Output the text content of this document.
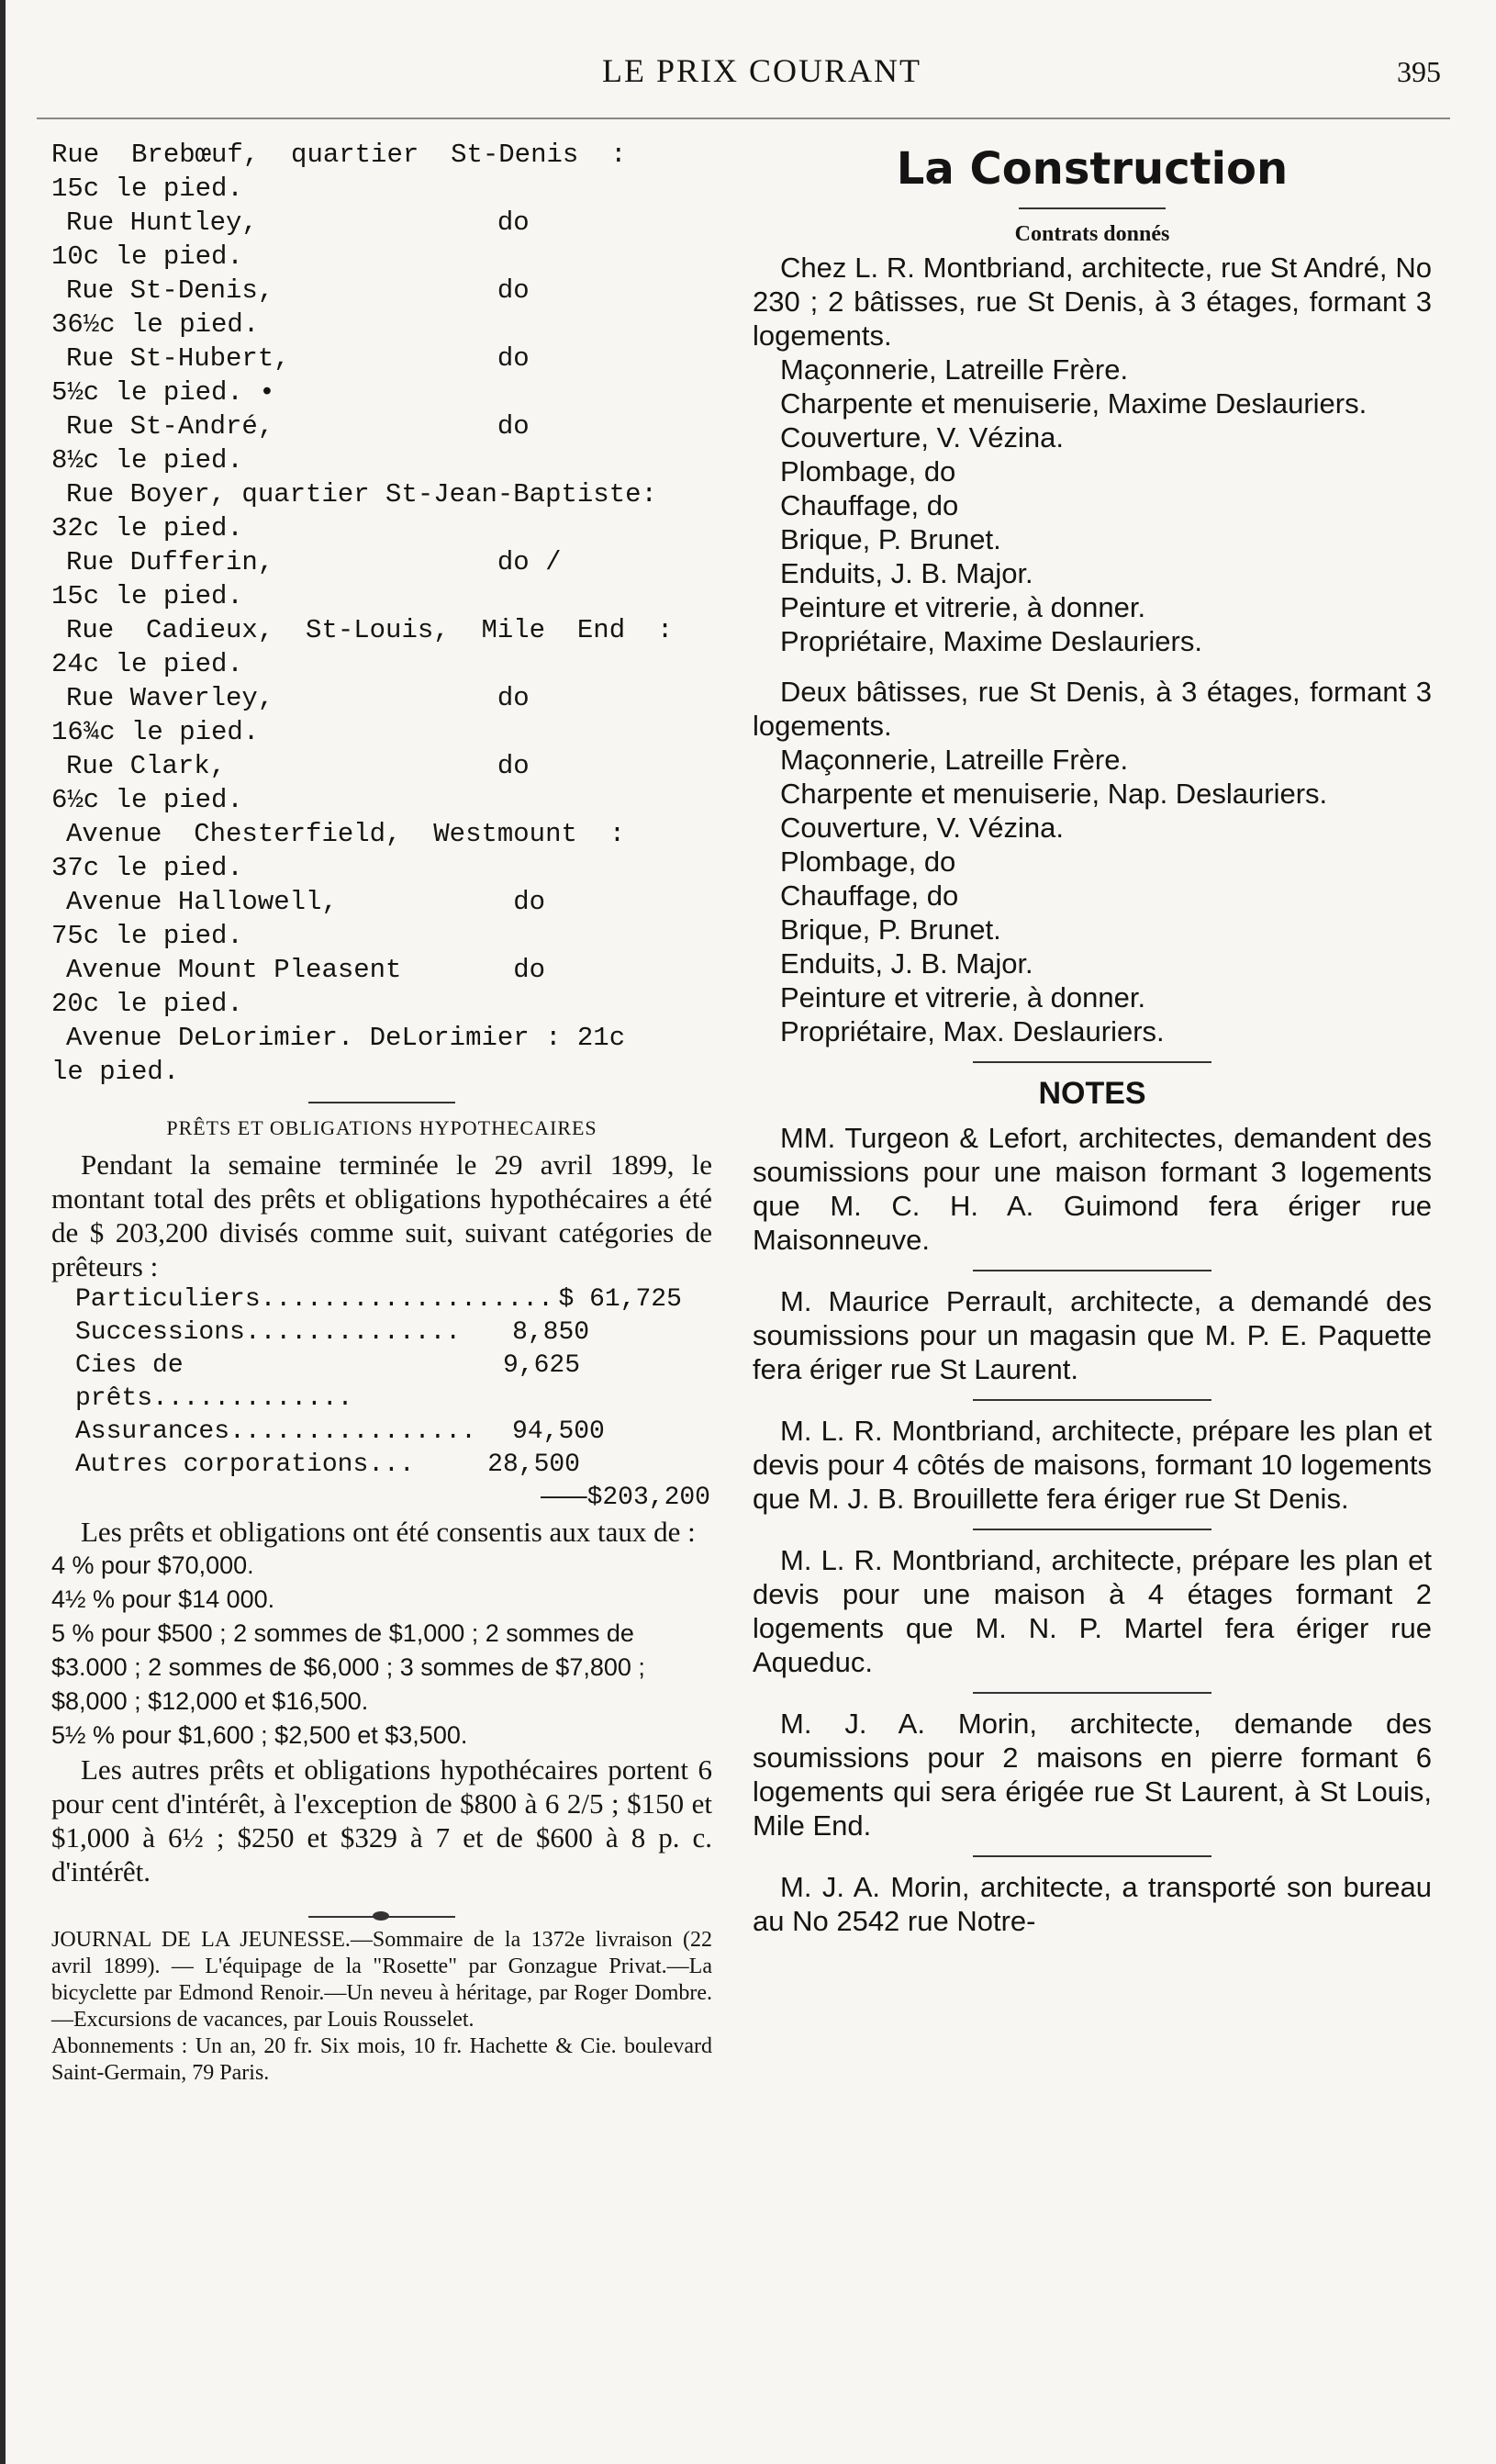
LE PRIX COURANT	395
Rue  Brebœuf,  quartier  St-Denis  :
15c le pied.
Rue Huntley,               do
10c le pied.
Rue St-Denis,              do
36½c le pied.
Rue St-Hubert,             do
5½c le pied. •
Rue St-André,              do
8½c le pied.
Rue Boyer, quartier St-Jean-Baptiste:
32c le pied.
Rue Dufferin,              do /
15c le pied.
Rue  Cadieux,  St-Louis,  Mile  End  :
24c le pied.
Rue Waverley,              do
16¾c le pied.
Rue Clark,                 do
6½c le pied.
Avenue  Chesterfield,  Westmount  :
37c le pied.
Avenue Hallowell,           do
75c le pied.
Avenue Mount Pleasent       do
20c le pied.
Avenue DeLorimier. DeLorimier : 21c
le pied.
PRÊTS ET OBLIGATIONS HYPOTHECAIRES
Pendant la semaine terminée le 29 avril 1899, le montant total des prêts et obligations hypothécaires a été de $ 203,200 divisés comme suit, suivant catégories de prêteurs :
Particuliers................... $ 61,725
Successions..............	8,850
Cies de prêts.............
9,625
Assurances................	94,500
Autres corporations...	28,500
———$203,200
Les prêts et obligations ont été consentis aux taux de :
4 % pour $70,000.
4½ % pour $14 000.
5 % pour $500 ; 2 sommes de $1,000 ; 2 sommes de $3.000 ; 2 sommes de $6,000 ; 3 sommes de $7,800 ; $8,000 ; $12,000 et $16,500.
5½ % pour $1,600 ; $2,500 et $3,500.
Les autres prêts et obligations hypothécaires portent 6 pour cent d'intérêt, à l'exception de $800 à 6 2/5 ; $150 et $1,000 à 6½ ; $250 et $329 à 7 et de $600 à 8 p. c. d'intérêt.
JOURNAL DE LA JEUNESSE.—Sommaire de la 1372e livraison (22 avril 1899). — L'équipage de la "Rosette" par Gonzague Privat.—La bicyclette par Edmond Renoir.—Un neveu à héritage, par Roger Dombre.—Excursions de vacances, par Louis Rousselet.
Abonnements : Un an, 20 fr. Six mois, 10 fr. Hachette & Cie. boulevard Saint-Germain, 79 Paris.
La Construction
Contrats donnés
Chez L. R. Montbriand, architecte, rue St André, No 230 ; 2 bâtisses, rue St Denis, à 3 étages, formant 3 logements.
Maçonnerie, Latreille Frère.
Charpente et menuiserie, Maxime Deslauriers.
Couverture, V. Vézina.
Plombage, do
Chauffage, do
Brique, P. Brunet.
Enduits, J. B. Major.
Peinture et vitrerie, à donner.
Propriétaire, Maxime Deslauriers.
Deux bâtisses, rue St Denis, à 3 étages, formant 3 logements.
Maçonnerie, Latreille Frère.
Charpente et menuiserie, Nap. Deslauriers.
Couverture, V. Vézina.
Plombage, do
Chauffage, do
Brique, P. Brunet.
Enduits, J. B. Major.
Peinture et vitrerie, à donner.
Propriétaire, Max. Deslauriers.
NOTES
MM. Turgeon & Lefort, architectes, demandent des soumissions pour une maison formant 3 logements que M. C. H. A. Guimond fera ériger rue Maisonneuve.
M. Maurice Perrault, architecte, a demandé des soumissions pour un magasin que M. P. E. Paquette fera ériger rue St Laurent.
M. L. R. Montbriand, architecte, prépare les plan et devis pour 4 côtés de maisons, formant 10 logements que M. J. B. Brouillette fera ériger rue St Denis.
M. L. R. Montbriand, architecte, prépare les plan et devis pour une maison à 4 étages formant 2 logements que M. N. P. Martel fera ériger rue Aqueduc.
M. J. A. Morin, architecte, demande des soumissions pour 2 maisons en pierre formant 6 logements qui sera érigée rue St Laurent, à St Louis, Mile End.
M. J. A. Morin, architecte, a transporté son bureau au No 2542 rue Notre-
